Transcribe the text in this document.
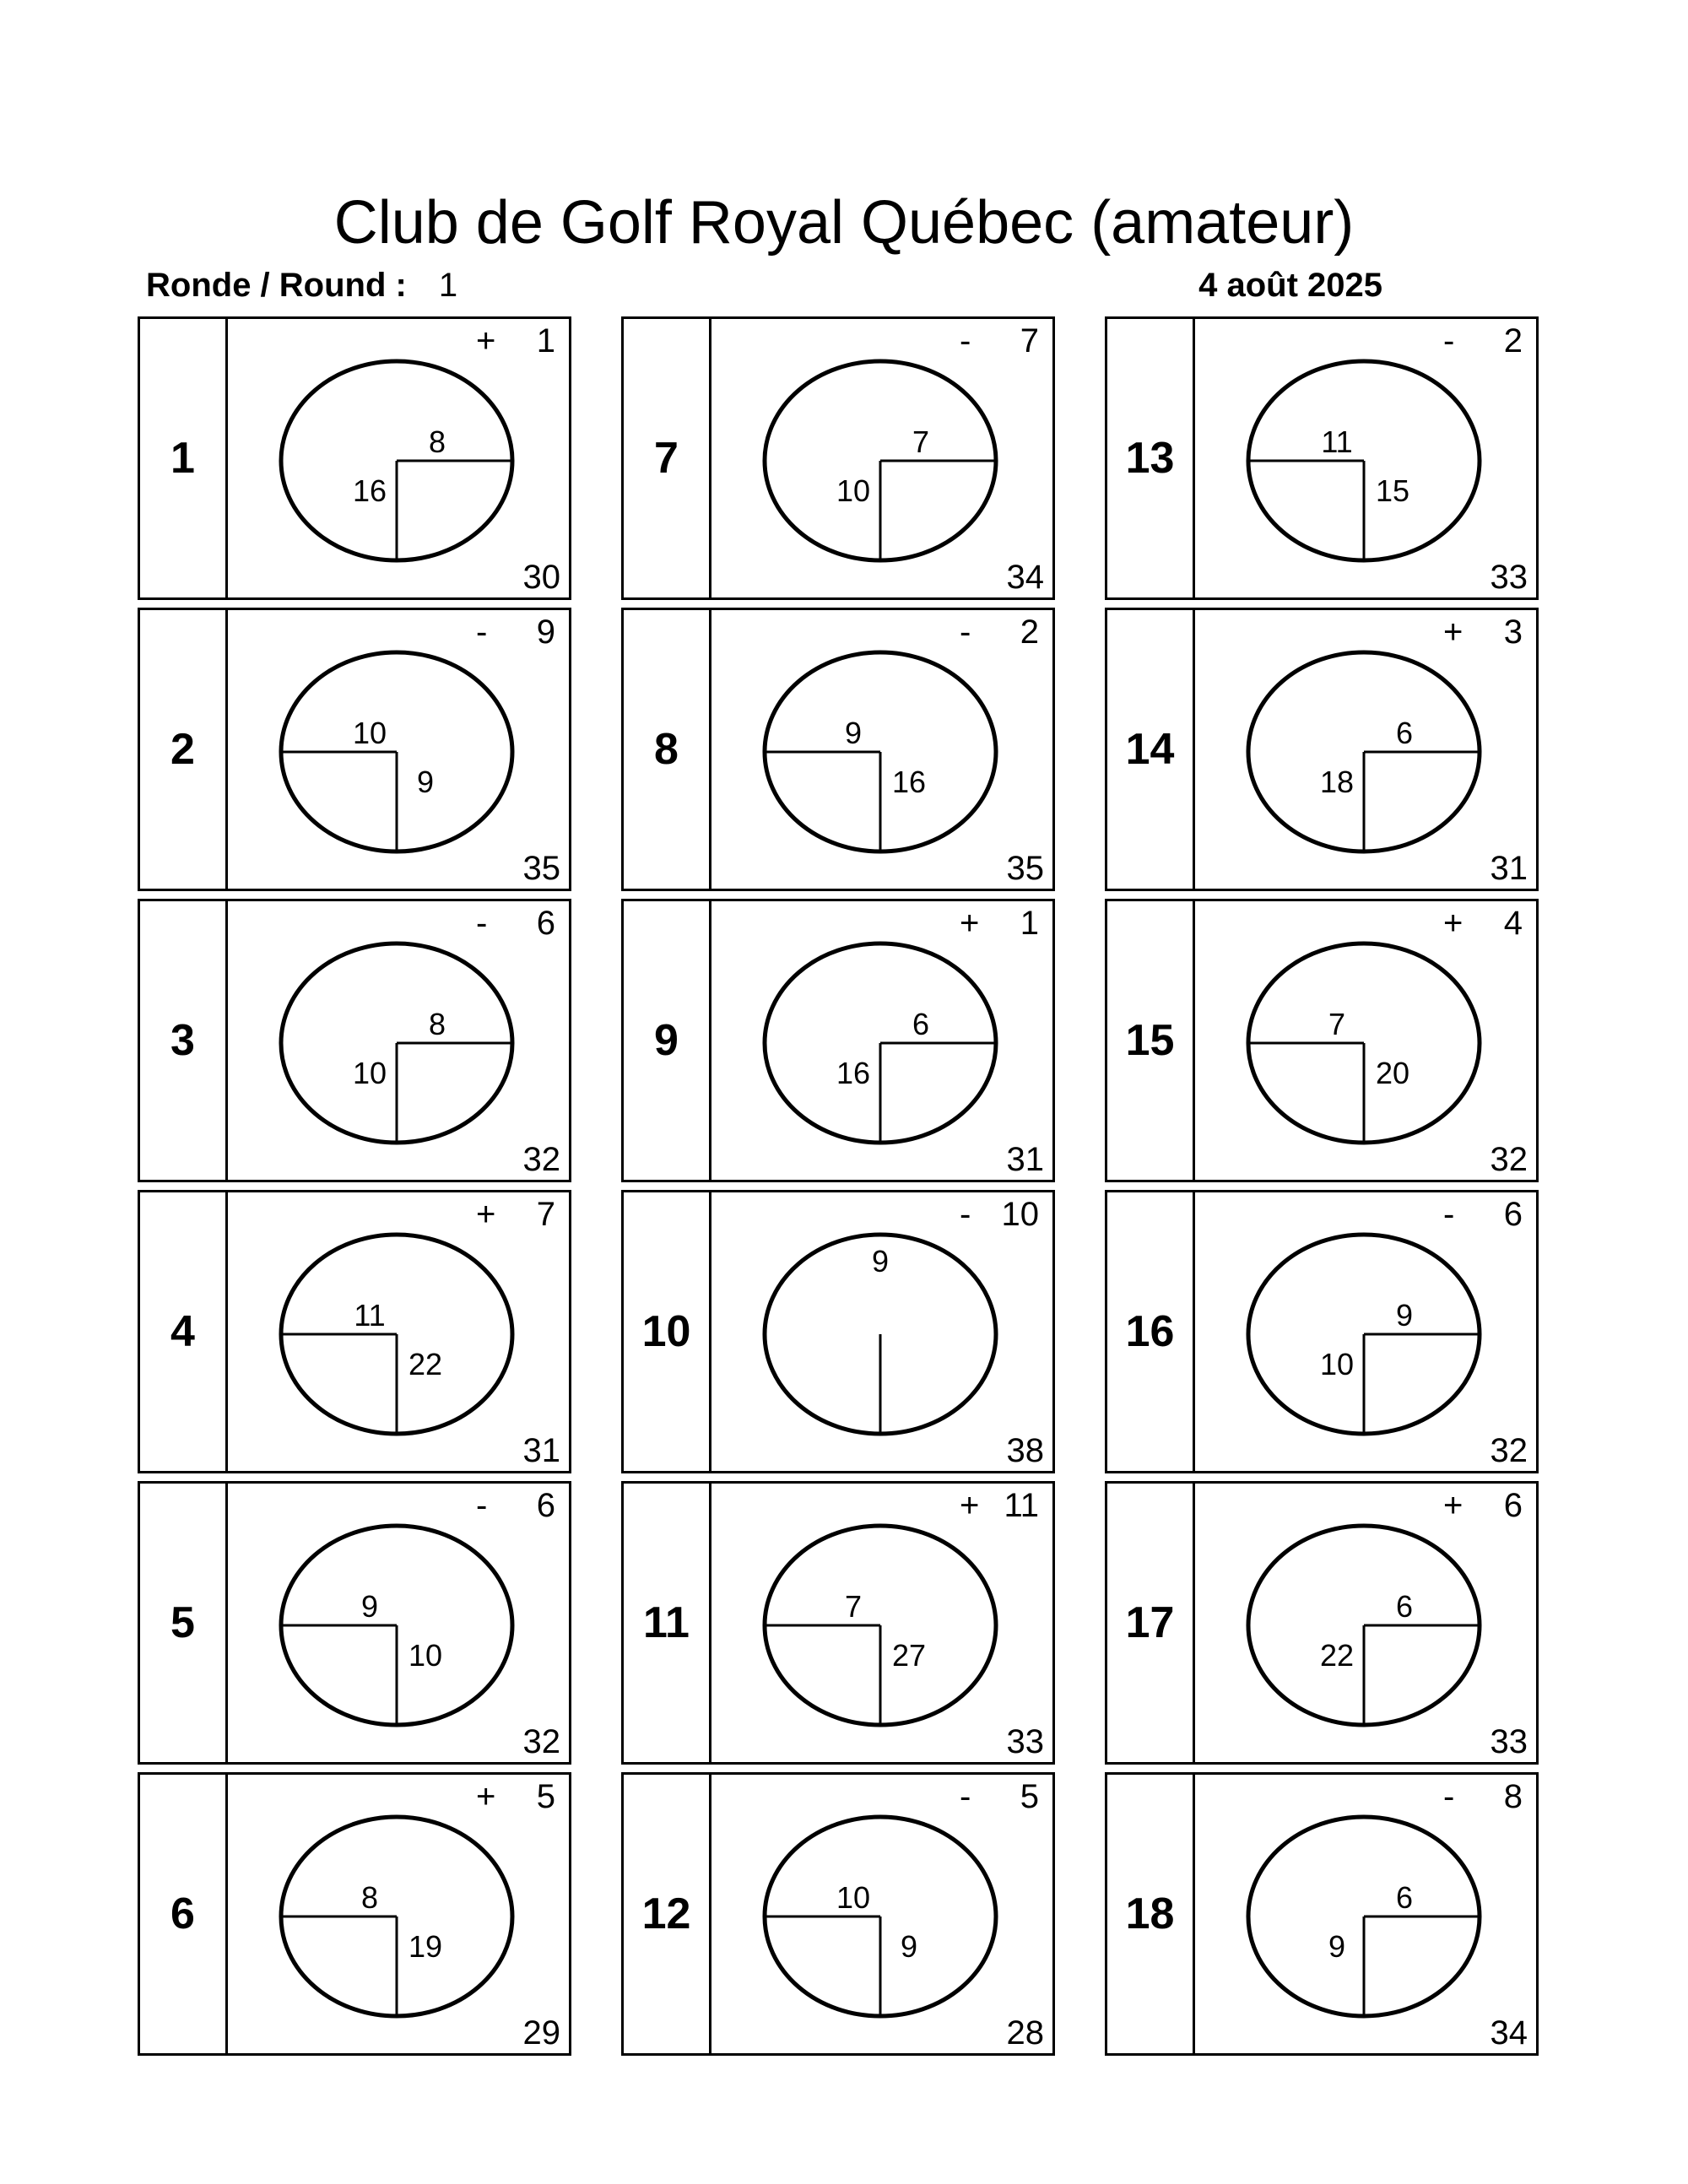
Club de Golf Royal Québec (amateur)
Ronde / Round : 1	4 août 2025
1
+ 1
30
8
16
2
- 9
35
10
9
3
- 6
32
8
10
4
+ 7
31
11
22
5
- 6
32
9
10
6
+ 5
29
8
19
7
- 7
34
7
10
8
- 2
35
9
16
9
+ 1
31
6
16
10
- 10
38
9
11
+ 11
33
7
27
12
- 5
28
10
9
13
- 2
33
11
15
14
+ 3
31
6
18
15
+ 4
32
7
20
16
- 6
32
9
10
17
+ 6
33
6
22
18
- 8
34
6
9
